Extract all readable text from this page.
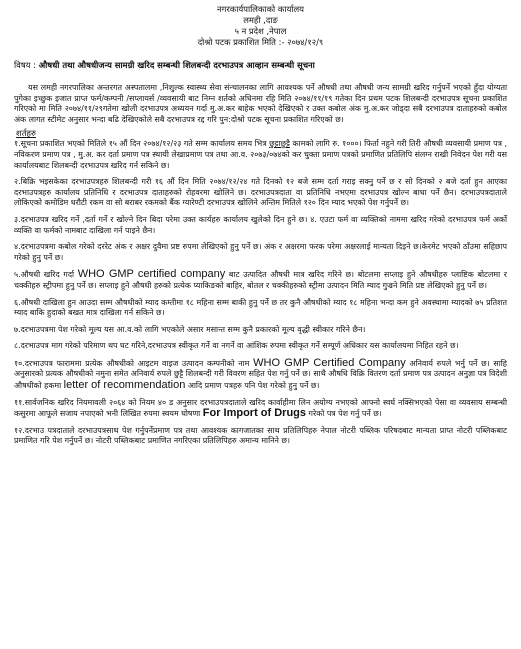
नगरकार्यपालिकाको कार्यालय
लमही ,दाङ
५ न प्रदेश ,नेपाल
दोश्रो पटक प्रकाशित मिति :- २०७४/१२/९
विषय : औषधी तथा औषधीजन्य सामग्री खरिद सम्बन्धी शिलबन्दी दरभाउपत्र आव्हान सम्बन्धी सूचना

यस लमही नगरपालिका अन्तरगत अस्पतालमा ,निशुल्क स्वास्थ्य सेवा संन्चालनका लागि आवश्यक पर्ने औषधी तथा औषधी जन्य सामग्री खरिद गर्नुपर्ने भएको हुँदा योग्यता पुगेका इच्छुक इजात प्राप्त फर्म/कम्पनी /सप्लायर्स /व्यवसायी बाट निम्न शर्तको अधिनमा रहि मिति २०७४/११/१९ गतेका दिन प्रथम पटक शिलबन्दी दरभाउपत्र सूचना प्रकाशित गरिएको मा मिति २०७४/११/२९गतेमा खोली दरभाउपत्र अध्ययन गर्दा मु.अ.कर बाहेक भएको देखिएको र उक्त कबोल अंक मु.अ.कर जोड्दा सबै दरभाउपत्र दाताहरुको कबोल अंक लागत स्टीमेट अनुसार भन्दा बढि देखिएकोले सबै दरभाउपत्र रद्द गरि पुन:दोश्रो पटक सूचना प्रकाशित गरिएको छ।

शर्तहरु

१.सूचना प्रकाशित भएको मितिले १५ औं दिन २०७४/१२/२३ गते सम्म कार्यालय समय भित्र छुट्टाछुट्टै कामको लागि रु. १०००। फिर्ता नहुने गरी तिरी औषधी व्यवसायी प्रमाण पत्र , नविकरण प्रमाण पत्र , मु.अ. कर दर्ता प्रमाण पत्र स्थायी लेखाप्रमाण पत्र तथा आ.व. २०७३/०७४को कर चुक्ता प्रमाण पत्रको प्रमाणित प्रतिलिपि संलग्न राखी निवेदन पेश गरी यस कार्यालयबाट शिलबन्दी दरभाउपत्र खरिद गर्न सकिने छ।

२.बिक्रि भइसकेका दरभाउपत्रहरु शिलबन्दी गरी १६ औं दिन मिति २०७४/१२/२४ गते दिनको १२ बजे सम्म दर्ता गराइ सक्नु पर्ने छ र सो दिनको २ बजे दर्ता हुन आएका दरभाउपत्रहरु कार्यालय प्रतिनिधि र दरभाउपत्र दाताहरुको रोहवरमा खोलिने छ। दरभाउपत्रदाता वा प्रतिनिधि नभएमा दरभाउपत्र खोल्न बाधा पर्ने छैन। दरभाउपत्रदाताले लोकिएको कमोडिम धरौटी रकम वा सो बराबर रकमको बैंक ग्यारेण्टी दरभाउपत्र खोलिने अन्तिम मितिले १२० दिन म्याद भएको पेश गर्नुपर्ने छ।

३.दरभाउपत्र खरिद गर्ने ,दर्ता गर्ने र खोल्ने दिन बिदा परेमा उक्त कार्यहरु कार्यालय खुलेको दिन हुने छ। ४. एउटा फर्म वा व्यक्तिको नाममा खरिद गरेको दरभाउपत्र फर्म अर्को व्यक्ति वा फर्मको नामबाट दाखिला गर्न पाइने छैन।

४.दरभाउपत्रमा कबोल गरेको दररेट अंक र अक्षर दुवैमा प्रष्ट रुपमा लेखिएको हुनु पर्ने छ। अंक र अक्षरमा फरक परेमा अक्षरलाई मान्यता दिइने छ।केरमेट भएको ठाँउमा सहिछाप गरेको हुनु पर्ने छ।

५.औषधी खरिद गर्दा WHO GMP certified company बाट उत्पादित औषधी मात्र खरिद गरिने छ। बोटलमा सप्लाइ हुने औषधीहरु प्लाष्टिक बोटलमा र चक्कीहरु स्ट्रीपमा हुनु पर्ने छ। सप्लाइ हुने औषधी हरुको प्रत्येक प्याकिङको बाहिर, बोतल र चक्कीहरुको स्ट्रीमा उत्पादन मिति म्याद गुज्रने मिति प्रष्ट लेखिएको हुनु पर्ने छ।

६.औषधी दाखिला हुन आउदा सम्म औषधीको म्याद कम्तीमा १८ महिना सम्म बाकी हुनु पर्ने छ तर कुनै औषधीको म्याद १८ महिना भन्दा कम हुने अवस्थामा म्यादको ७५ प्रतिशत म्याद बाकि हुदाको बखत मात्र दाखिला गर्न सकिने छ।

७.दरभाउपत्रमा पेश गरेको मूल्य यस आ.व.को लागि भएकोले असार मसान्त सम्म कुनै प्रकारको मूल्य वृद्धी स्वीकार गरिने छैन।

८.दरभाउपत्र माग गरेको परिमाण थप घट गरिने,दरभाउपत्र स्वीकृत गर्ने वा नगर्ने वा आंशिक रुपमा स्वीकृत गर्ने सम्पूर्ण अधिकार यस कार्यालयमा निहित रहने छ।

१०.दरभाउपत्र फाराममा प्रत्येक औषधीको आइटम वाइज उत्पादन कम्पनीको नाम WHO GMP Certified Company अनिवार्य रुपले भर्नु पर्ने छ। साहि अनुसारको प्रत्यक औषधीको नमुना समेत अनिवार्य रुपले छुट्टै शिलबन्दी गरी विवरण सहित पेश गर्नु पर्ने छ। साथै औषधि विक्रि वितरण दर्ता प्रमाण पत्र उत्पादन अनुज्ञा पत्र विदेशी औषधीको हकमा letter of recommendation आदि प्रमाण पत्रहरु पनि पेश गरेको हुनु पर्ने छ।

११.सार्वजनिक खरिद नियमावली २०६४ को नियम ४० ड अनुसार दरभाउपत्रदाताले खरिद कार्वाहीमा लिन अयोग्य नभएको आफ्नो स्वर्घ नक्सिभएको पेसा वा व्यवसाय सम्बन्धी कसुरमा आफूले सजाय नपाएको भनी लिखित रुपमा स्वयम घोषणा For Import of Drugs गरेको पत्र पेश गर्नु पर्ने छ।

१२.दरभाउ पत्रदाताले दरभाउपत्रसाथ पेश गर्नुपर्नेप्रमाण पत्र तथा आवश्यक कागजातका साथ प्रतिलिपिहरु नेपाल नोटरी पब्लिक परिषदबाट मान्यता प्राप्त नोटरी पब्लिकबाट प्रमाणित गरि पेश गर्नुपर्ने छ। नोटरी पब्लिकबाट प्रमाणित नगरिएका प्रतिलिपिहरु अमान्य मानिने छ।
